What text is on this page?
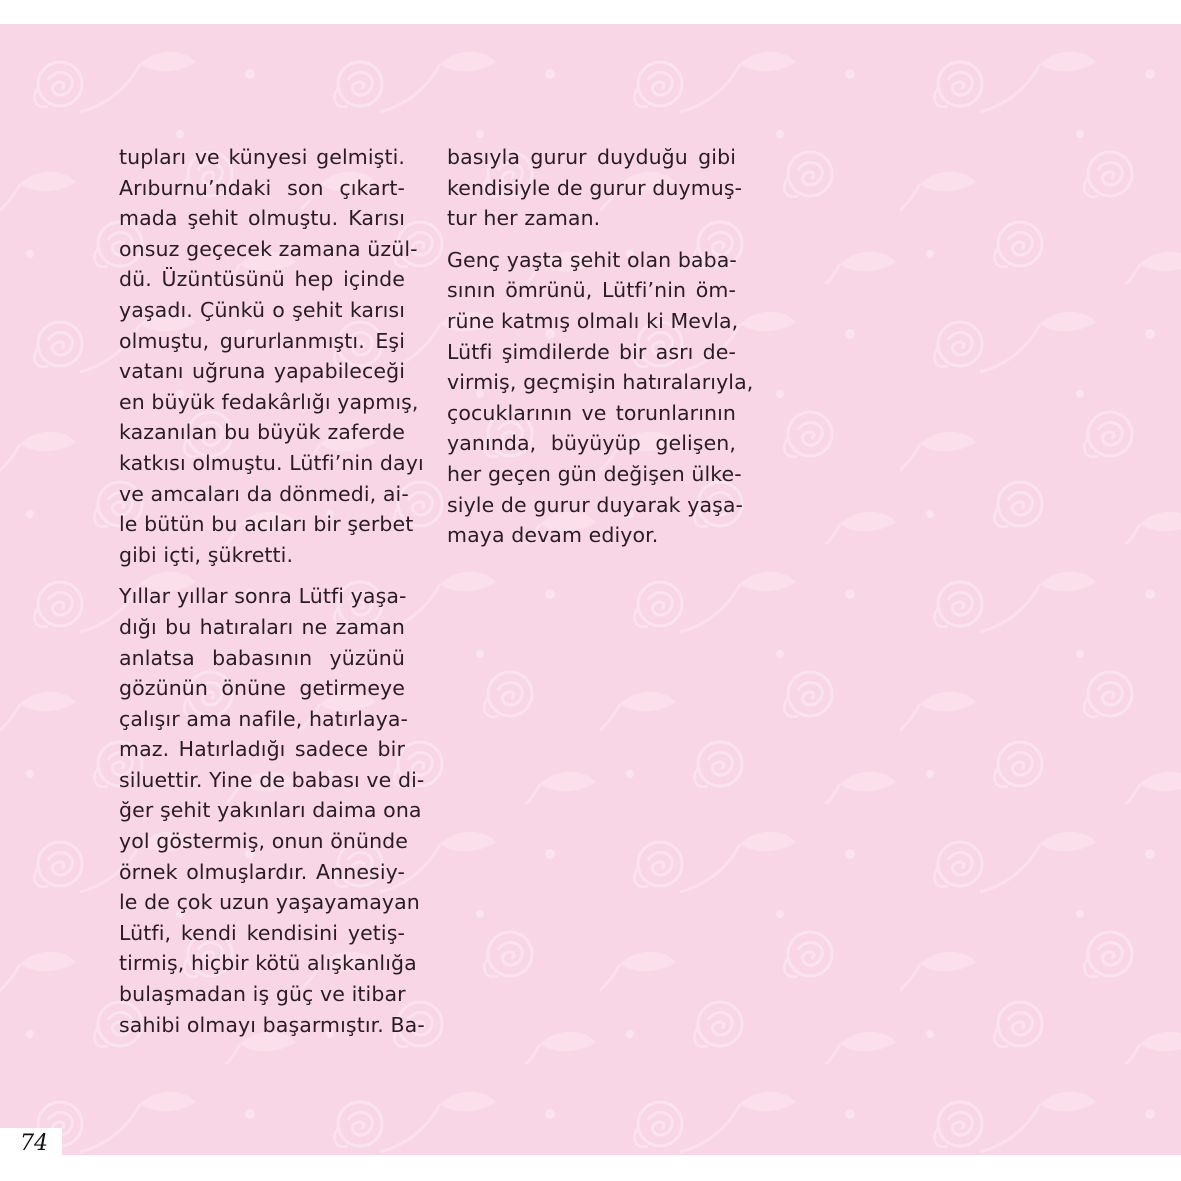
tupları ve künyesi gelmişti.
Arıburnu’ndaki son çıkart-
mada şehit olmuştu. Karısı
onsuz geçecek zamana üzül-
dü. Üzüntüsünü hep içinde
yaşadı. Çünkü o şehit karısı
olmuştu, gururlanmıştı. Eşi
vatanı uğruna yapabileceği
en büyük fedakârlığı yapmış,
kazanılan bu büyük zaferde
katkısı olmuştu. Lütfi’nin dayı
ve amcaları da dönmedi, ai-
le bütün bu acıları bir şerbet
gibi içti, şükretti.
Yıllar yıllar sonra Lütfi yaşa-
dığı bu hatıraları ne zaman
anlatsa babasının yüzünü
gözünün önüne getirmeye
çalışır ama nafile, hatırlaya-
maz. Hatırladığı sadece bir
siluettir. Yine de babası ve di-
ğer şehit yakınları daima ona
yol göstermiş, onun önünde
örnek olmuşlardır. Annesiy-
le de çok uzun yaşayamayan
Lütfi, kendi kendisini yetiş-
tirmiş, hiçbir kötü alışkanlığa
bulaşmadan iş güç ve itibar
sahibi olmayı başarmıştır. Ba-
basıyla gurur duyduğu gibi
kendisiyle de gurur duymuş-
tur her zaman.
Genç yaşta şehit olan baba-
sının ömrünü, Lütfi’nin öm-
rüne katmış olmalı ki Mevla,
Lütfi şimdilerde bir asrı de-
virmiş, geçmişin hatıralarıyla,
çocuklarının ve torunlarının
yanında, büyüyüp gelişen,
her geçen gün değişen ülke-
siyle de gurur duyarak yaşa-
maya devam ediyor.
74
